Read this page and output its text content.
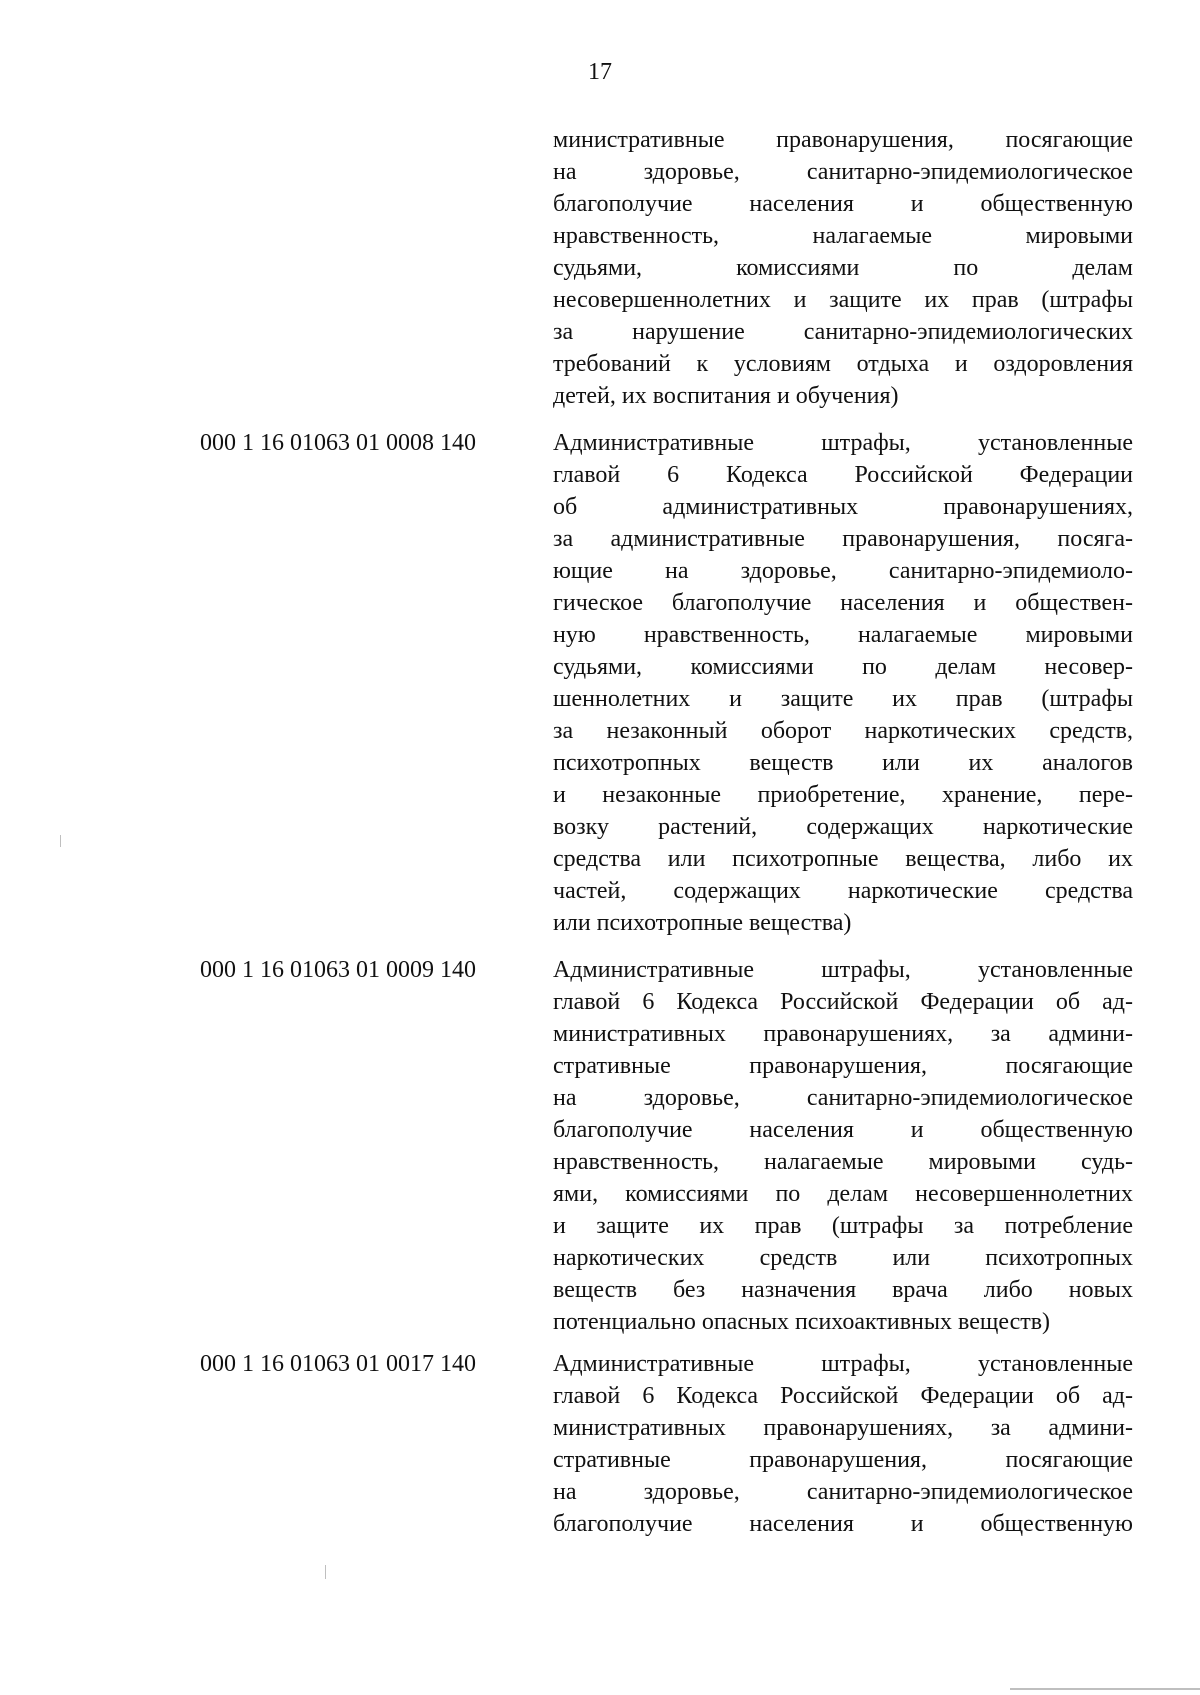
17
министративные правонарушения, посягающие
на здоровье, санитарно-эпидемиологическое
благополучие населения и общественную
нравственность, налагаемые мировыми
судьями, комиссиями по делам
несовершеннолетних и защите их прав (штрафы
за нарушение санитарно-эпидемиологических
требований к условиям отдыха и оздоровления
детей, их воспитания и обучения)
000 1 16 01063 01 0008 140	Административные штрафы, установленные
главой 6 Кодекса Российской Федерации
об административных правонарушениях,
за административные правонарушения, посяга-
ющие на здоровье, санитарно-эпидемиоло-
гическое благополучие населения и обществен-
ную нравственность, налагаемые мировыми
судьями, комиссиями по делам несовер-
шеннолетних и защите их прав (штрафы
за незаконный оборот наркотических средств,
психотропных веществ или их аналогов
и незаконные приобретение, хранение, пере-
возку растений, содержащих наркотические
средства или психотропные вещества, либо их
частей, содержащих наркотические средства
или психотропные вещества)
000 1 16 01063 01 0009 140	Административные штрафы, установленные
главой 6 Кодекса Российской Федерации об ад-
министративных правонарушениях, за админи-
стративные правонарушения, посягающие
на здоровье, санитарно-эпидемиологическое
благополучие населения и общественную
нравственность, налагаемые мировыми судь-
ями, комиссиями по делам несовершеннолетних
и защите их прав (штрафы за потребление
наркотических средств или психотропных
веществ без назначения врача либо новых
потенциально опасных психоактивных веществ)
000 1 16 01063 01 0017 140	Административные штрафы, установленные
главой 6 Кодекса Российской Федерации об ад-
министративных правонарушениях, за админи-
стративные правонарушения, посягающие
на здоровье, санитарно-эпидемиологическое
благополучие населения и общественную
